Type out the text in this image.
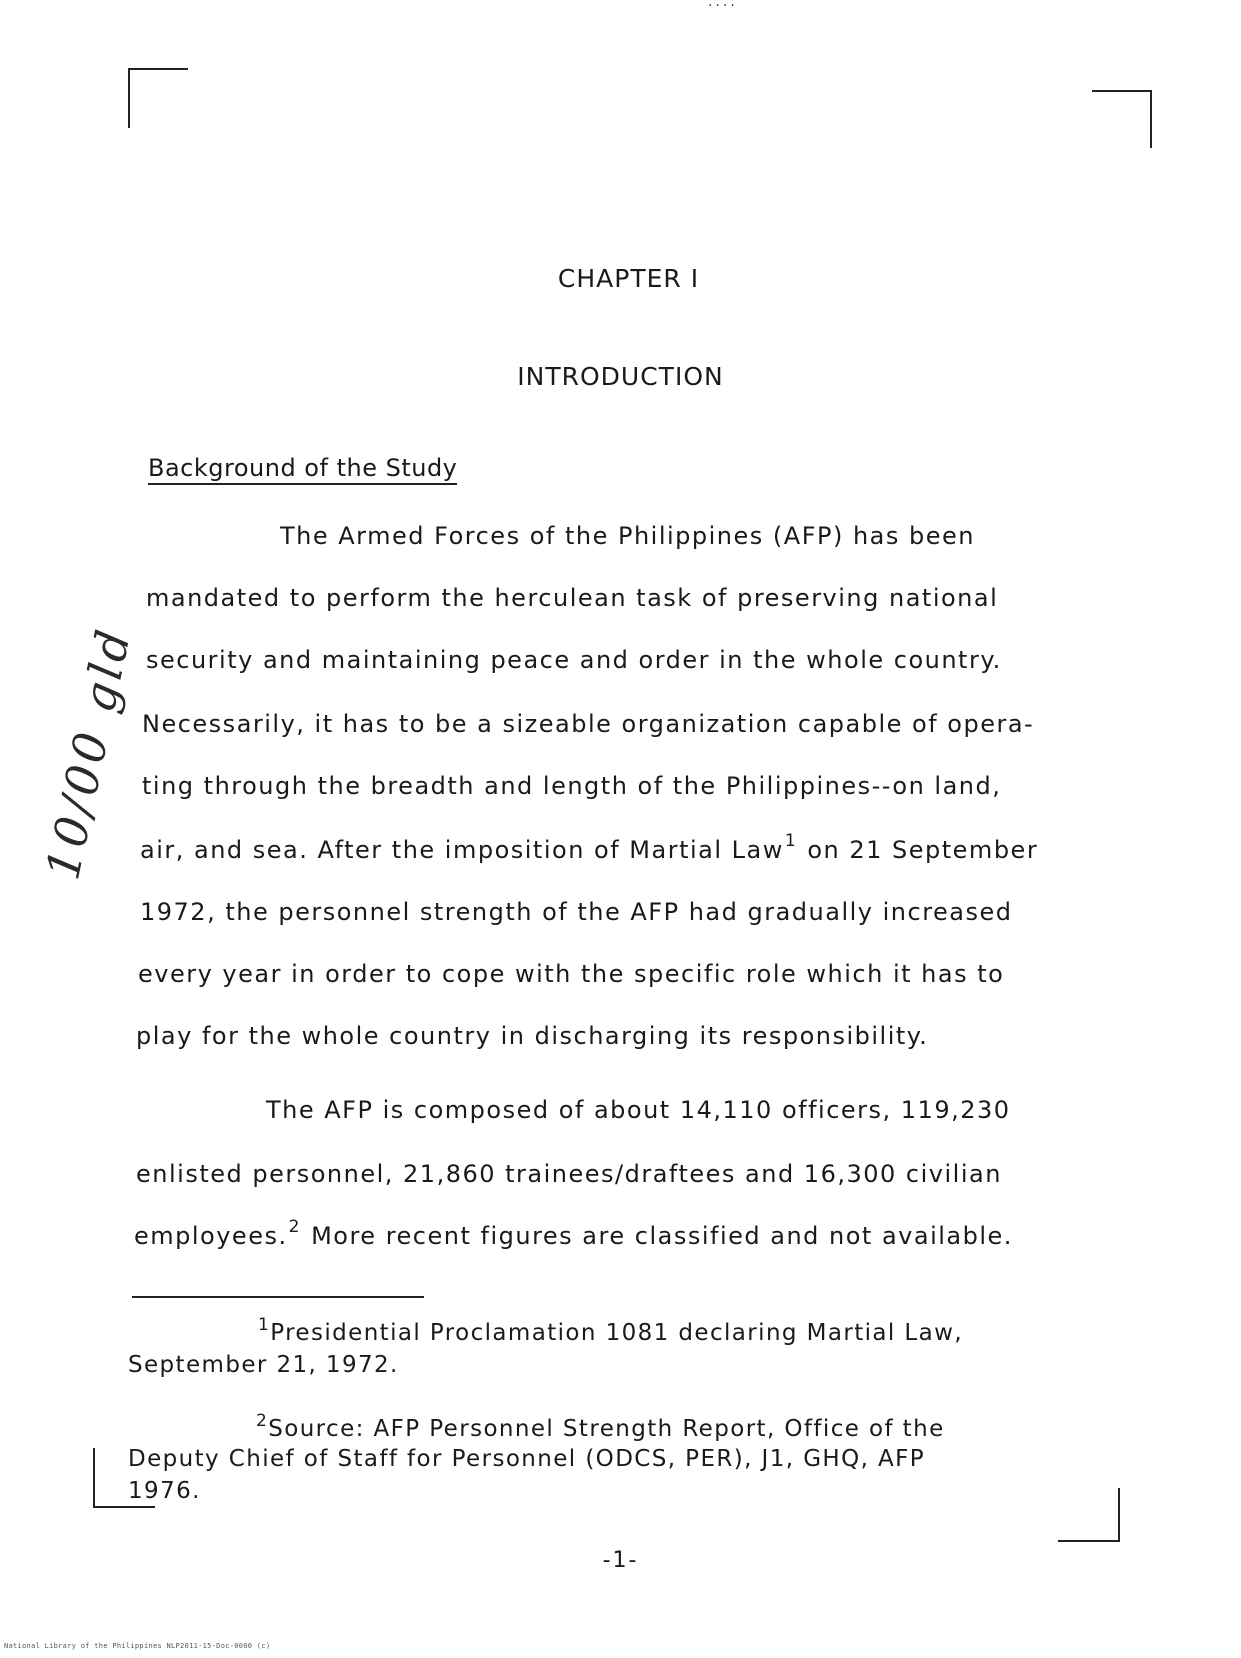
....
10/00 gld
CHAPTER I
INTRODUCTION
Background of the Study
The Armed Forces of the Philippines (AFP) has been
mandated to perform the herculean task of preserving national
security and maintaining peace and order in the whole country.
Necessarily, it has to be a sizeable organization capable of opera-
ting through the breadth and length of the Philippines--on land,
air, and sea. After the imposition of Martial Law$^1$ on 21 September
1972, the personnel strength of the AFP had gradually increased
every year in order to cope with the specific role which it has to
play for the whole country in discharging its responsibility.
The AFP is composed of about 14,110 officers, 119,230
enlisted personnel, 21,860 trainees/draftees and 16,300 civilian
employees.$^2$ More recent figures are classified and not available.
$^1$Presidential Proclamation 1081 declaring Martial Law,
September 21, 1972.
$^2$Source: AFP Personnel Strength Report, Office of the
Deputy Chief of Staff for Personnel (ODCS, PER), J1, GHQ, AFP
1976.
-1-
National Library of the Philippines NLP2011-15-Doc-0000 (c)
